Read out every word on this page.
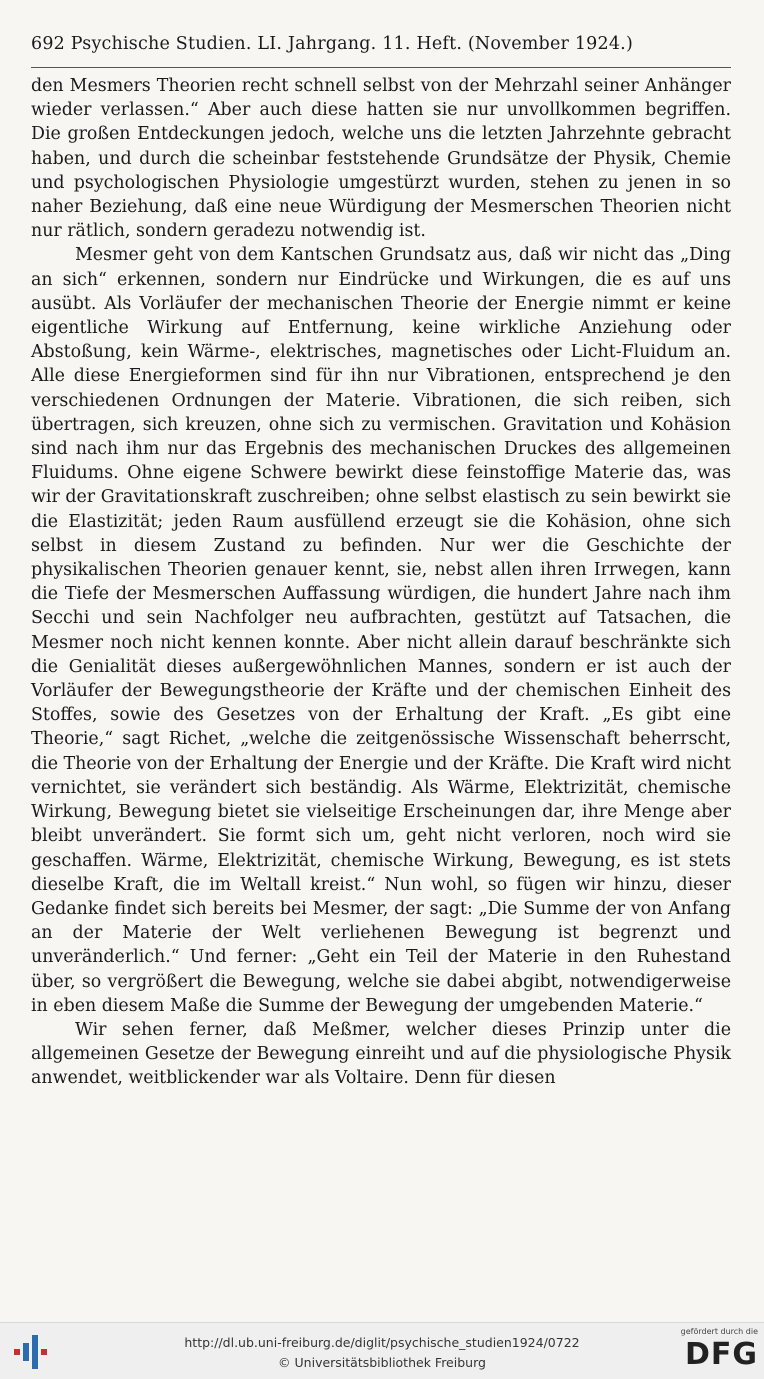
692 Psychische Studien. LI. Jahrgang. 11. Heft. (November 1924.)

den Mesmers Theorien recht schnell selbst von der Mehrzahl seiner Anhänger wieder verlassen.“ Aber auch diese hatten sie nur unvollkommen begriffen. Die großen Entdeckungen jedoch, welche uns die letzten Jahrzehnte gebracht haben, und durch die scheinbar feststehende Grundsätze der Physik, Chemie und psychologischen Physiologie umgestürzt wurden, stehen zu jenen in so naher Beziehung, daß eine neue Würdigung der Mesmerschen Theorien nicht nur rätlich, sondern geradezu notwendig ist.

Mesmer geht von dem Kantschen Grundsatz aus, daß wir nicht das „Ding an sich“ erkennen, sondern nur Eindrücke und Wirkungen, die es auf uns ausübt. Als Vorläufer der mechanischen Theorie der Energie nimmt er keine eigentliche Wirkung auf Entfernung, keine wirkliche Anziehung oder Abstoßung, kein Wärme-, elektrisches, magnetisches oder Licht-Fluidum an. Alle diese Energieformen sind für ihn nur Vibrationen, entsprechend je den verschiedenen Ordnungen der Materie. Vibrationen, die sich reiben, sich übertragen, sich kreuzen, ohne sich zu vermischen. Gravitation und Kohäsion sind nach ihm nur das Ergebnis des mechanischen Druckes des allgemeinen Fluidums. Ohne eigene Schwere bewirkt diese feinstoffige Materie das, was wir der Gravitationskraft zuschreiben; ohne selbst elastisch zu sein bewirkt sie die Elastizität; jeden Raum ausfüllend erzeugt sie die Kohäsion, ohne sich selbst in diesem Zustand zu befinden. Nur wer die Geschichte der physikalischen Theorien genauer kennt, sie, nebst allen ihren Irrwegen, kann die Tiefe der Mesmerschen Auffassung würdigen, die hundert Jahre nach ihm Secchi und sein Nachfolger neu aufbrachten, gestützt auf Tatsachen, die Mesmer noch nicht kennen konnte. Aber nicht allein darauf beschränkte sich die Genialität dieses außergewöhnlichen Mannes, sondern er ist auch der Vorläufer der Bewegungstheorie der Kräfte und der chemischen Einheit des Stoffes, sowie des Gesetzes von der Erhaltung der Kraft. „Es gibt eine Theorie,“ sagt Richet, „welche die zeitgenössische Wissenschaft beherrscht, die Theorie von der Erhaltung der Energie und der Kräfte. Die Kraft wird nicht vernichtet, sie verändert sich beständig. Als Wärme, Elektrizität, chemische Wirkung, Bewegung bietet sie vielseitige Erscheinungen dar, ihre Menge aber bleibt unverändert. Sie formt sich um, geht nicht verloren, noch wird sie geschaffen. Wärme, Elektrizität, chemische Wirkung, Bewegung, es ist stets dieselbe Kraft, die im Weltall kreist.“ Nun wohl, so fügen wir hinzu, dieser Gedanke findet sich bereits bei Mesmer, der sagt: „Die Summe der von Anfang an der Materie der Welt verliehenen Bewegung ist begrenzt und unveränderlich.“ Und ferner: „Geht ein Teil der Materie in den Ruhestand über, so vergrößert die Bewegung, welche sie dabei abgibt, notwendigerweise in eben diesem Maße die Summe der Bewegung der umgebenden Materie.“

Wir sehen ferner, daß Meßmer, welcher dieses Prinzip unter die allgemeinen Gesetze der Bewegung einreiht und auf die physiologische Physik anwendet, weitblickender war als Voltaire. Denn für diesen

http://dl.ub.uni-freiburg.de/diglit/psychische_studien1924/0722
© Universitätsbibliothek Freiburg
gefördert durch die
DFG
